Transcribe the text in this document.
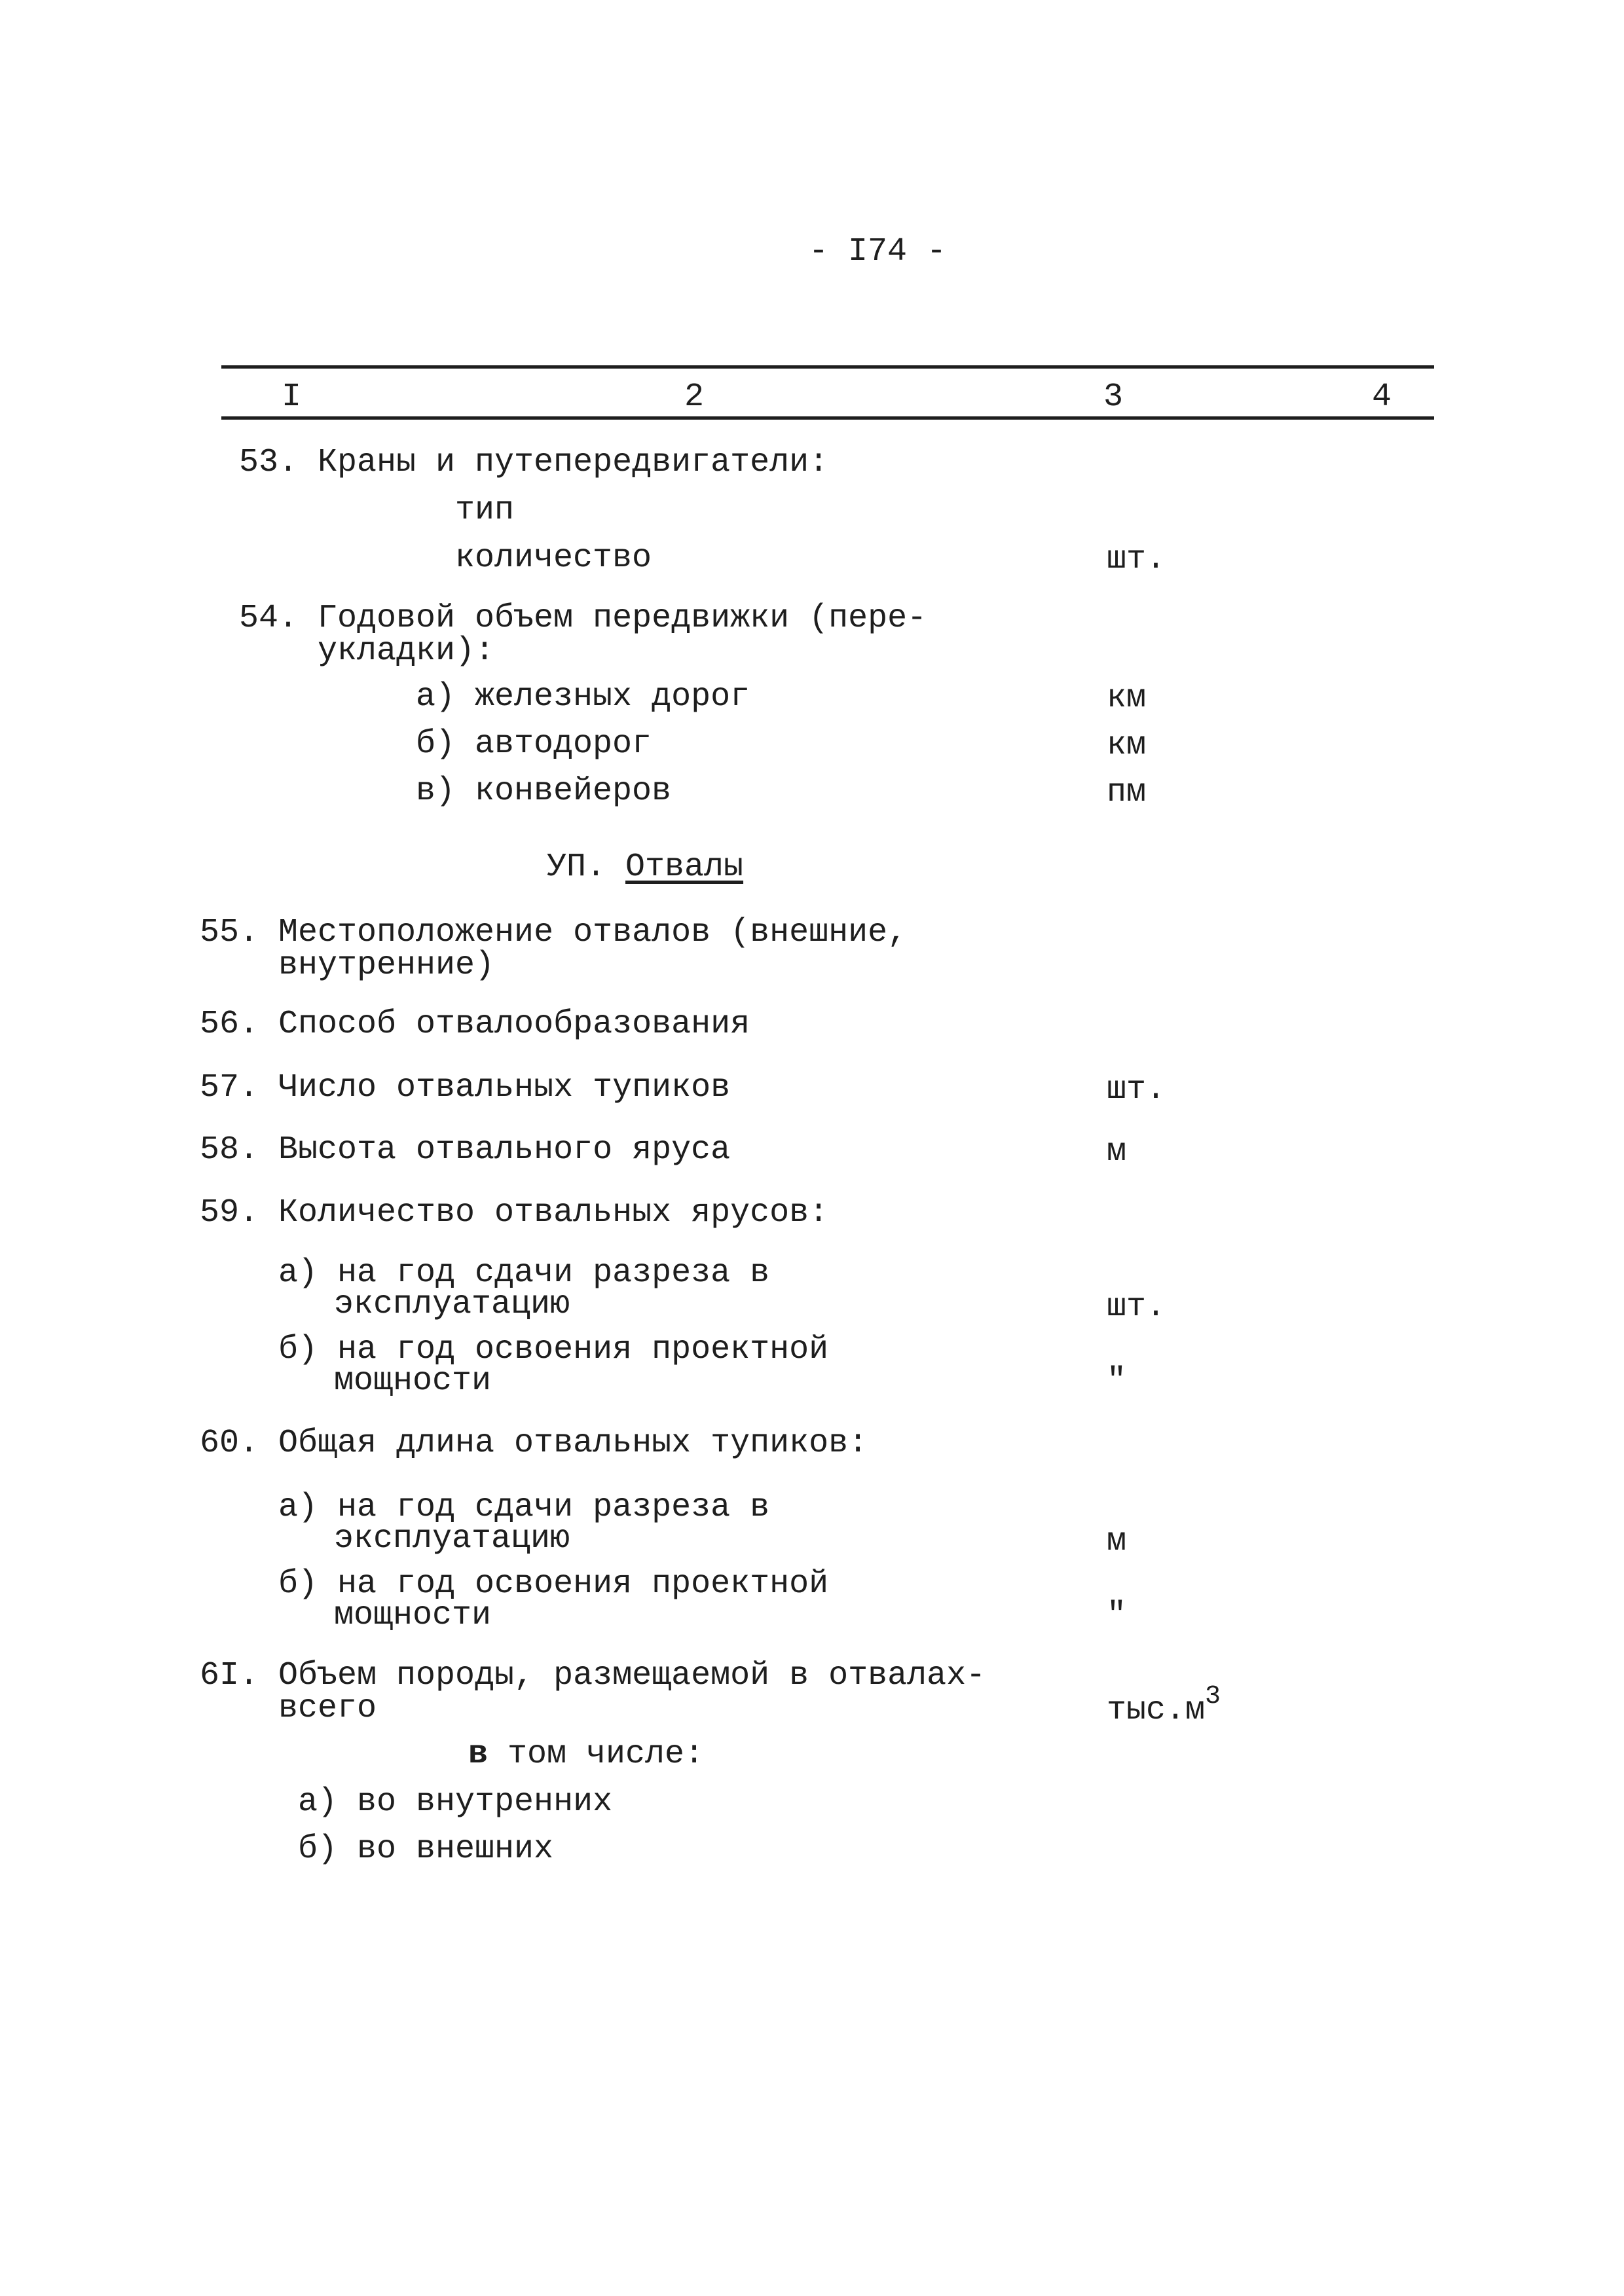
- I74 -
I	2	3	4
53. Краны и путепередвигатели:
тип
количество	шт.
54. Годовой объем передвижки (пере-
укладки):
а) железных дорог	км
б) автодорог	км
в) конвейеров	пм
УП. Отвалы
55. Местоположение отвалов (внешние,
внутренние)
56. Способ отвалообразования
57. Число отвальных тупиков	шт.
58. Высота отвального яруса	м
59. Количество отвальных ярусов:
а) на год сдачи разреза в
эксплуатацию	шт.
б) на год освоения проектной
мощности	"
60. Общая длина отвальных тупиков:
а) на год сдачи разреза в
эксплуатацию	м
б) на год освоения проектной
мощности	"
6I. Объем породы, размещаемой в отвалах-
всего	$тыс.м^3$
в том числе:
а) во внутренних
б) во внешних
